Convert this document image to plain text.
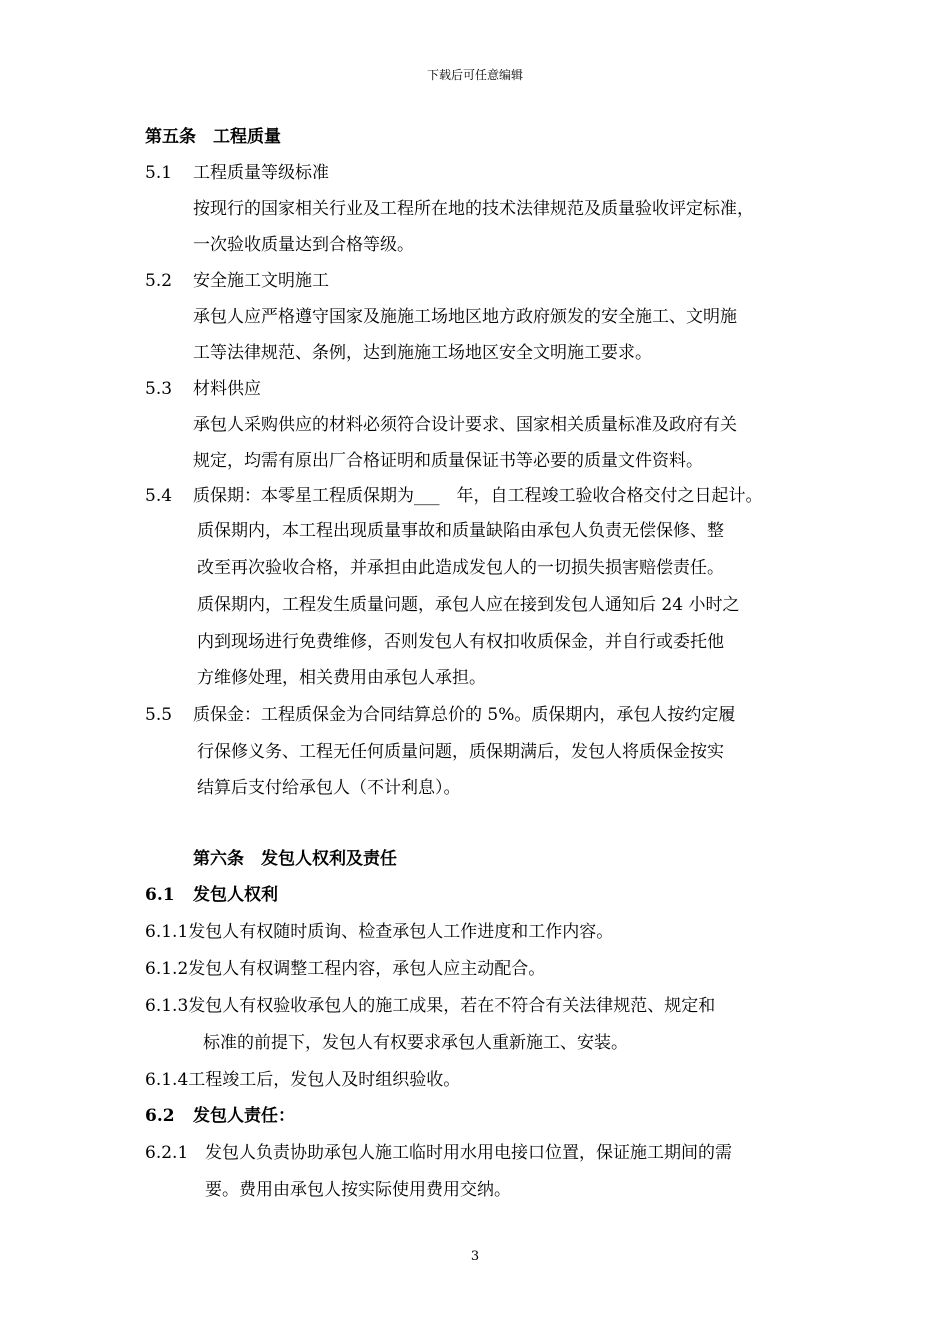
下载后可任意编辑
第五条　工程质量
5.1 工程质量等级标准
按现行的国家相关行业及工程所在地的技术法律规范及质量验收评定标准，
一次验收质量达到合格等级。
5.2 安全施工文明施工
承包人应严格遵守国家及施施工场地区地方政府颁发的安全施工、文明施
工等法律规范、条例，达到施施工场地区安全文明施工要求。
5.3 材料供应
承包人采购供应的材料必须符合设计要求、国家相关质量标准及政府有关
规定，均需有原出厂合格证明和质量保证书等必要的质量文件资料。
5.4 质保期：本零星工程质保期为___　年，自工程竣工验收合格交付之日起计。
质保期内，本工程出现质量事故和质量缺陷由承包人负责无偿保修、整
改至再次验收合格，并承担由此造成发包人的一切损失损害赔偿责任。
质保期内，工程发生质量问题，承包人应在接到发包人通知后 24 小时之
内到现场进行免费维修，否则发包人有权扣收质保金，并自行或委托他
方维修处理，相关费用由承包人承担。
5.5 质保金：工程质保金为合同结算总价的 5%。质保期内，承包人按约定履
行保修义务、工程无任何质量问题，质保期满后，发包人将质保金按实
结算后支付给承包人（不计利息）。
第六条　发包人权利及责任
6.1 发包人权利
6.1.1发包人有权随时质询、检查承包人工作进度和工作内容。
6.1.2发包人有权调整工程内容，承包人应主动配合。
6.1.3发包人有权验收承包人的施工成果，若在不符合有关法律规范、规定和
标准的前提下，发包人有权要求承包人重新施工、安装。
6.1.4工程竣工后，发包人及时组织验收。
6.2 发包人责任：
6.2.1 发包人负责协助承包人施工临时用水用电接口位置，保证施工期间的需
要。费用由承包人按实际使用费用交纳。
3
